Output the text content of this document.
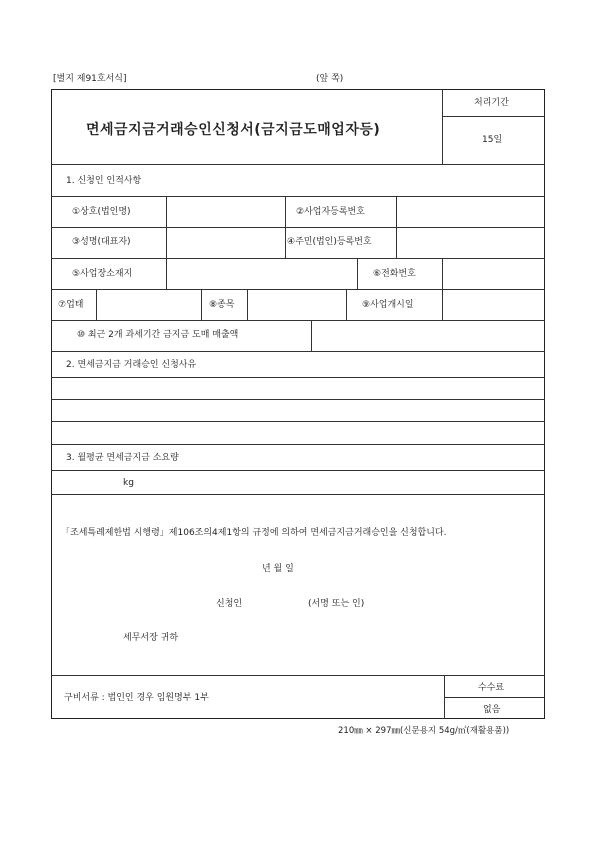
[별지 제91호서식]	(앞 쪽)
면세금지금거래승인신청서(금지금도매업자등)
처리기간
15일
1. 신청인 인적사항
①상호(법인명)	②사업자등록번호
③성명(대표자)	④주민(법인)등록번호
⑤사업장소재지	⑥전화번호
⑦업태	⑧종목	⑨사업개시일
⑩ 최근 2개 과세기간 금지금 도매 매출액
2. 면세금지금 거래승인 신청사유
3. 월평균 면세금지금 소요량
kg
「조세특례제한법 시행령」제106조의4제1항의 규정에 의하여 면세금지금거래승인을 신청합니다.
년 월 일
신청인	(서명 또는 인)
세무서장 귀하
구비서류 : 법인인 경우 임원명부 1부
수수료
없음
210㎜ × 297㎜(신문용지 54g/㎡(재활용품))
